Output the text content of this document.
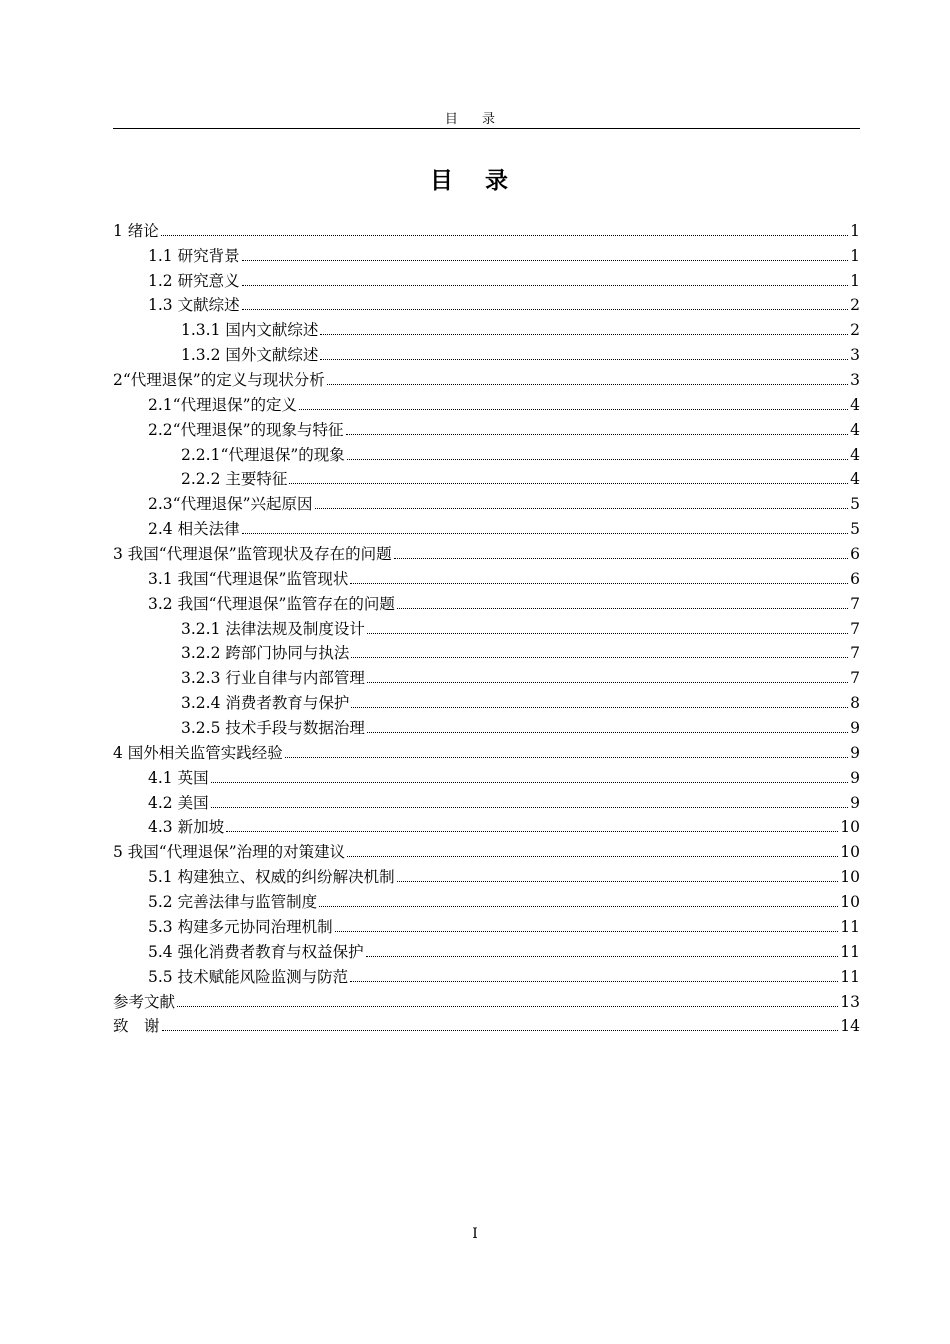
目 录
目 录
1 绪论	1
1.1 研究背景	1
1.2 研究意义	1
1.3 文献综述	2
1.3.1 国内文献综述	2
1.3.2 国外文献综述	3
2“代理退保”的定义与现状分析	3
2.1“代理退保”的定义	4
2.2“代理退保”的现象与特征	4
2.2.1“代理退保”的现象	4
2.2.2 主要特征	4
2.3“代理退保”兴起原因	5
2.4 相关法律	5
3 我国“代理退保”监管现状及存在的问题	6
3.1 我国“代理退保”监管现状	6
3.2 我国“代理退保”监管存在的问题	7
3.2.1 法律法规及制度设计	7
3.2.2 跨部门协同与执法	7
3.2.3 行业自律与内部管理	7
3.2.4 消费者教育与保护	8
3.2.5 技术手段与数据治理	9
4 国外相关监管实践经验	9
4.1 英国	9
4.2 美国	9
4.3 新加坡	10
5 我国“代理退保”治理的对策建议	10
5.1 构建独立、权威的纠纷解决机制	10
5.2 完善法律与监管制度	10
5.3 构建多元协同治理机制	11
5.4 强化消费者教育与权益保护	11
5.5 技术赋能风险监测与防范	11
参考文献	13
致　谢	14
I
